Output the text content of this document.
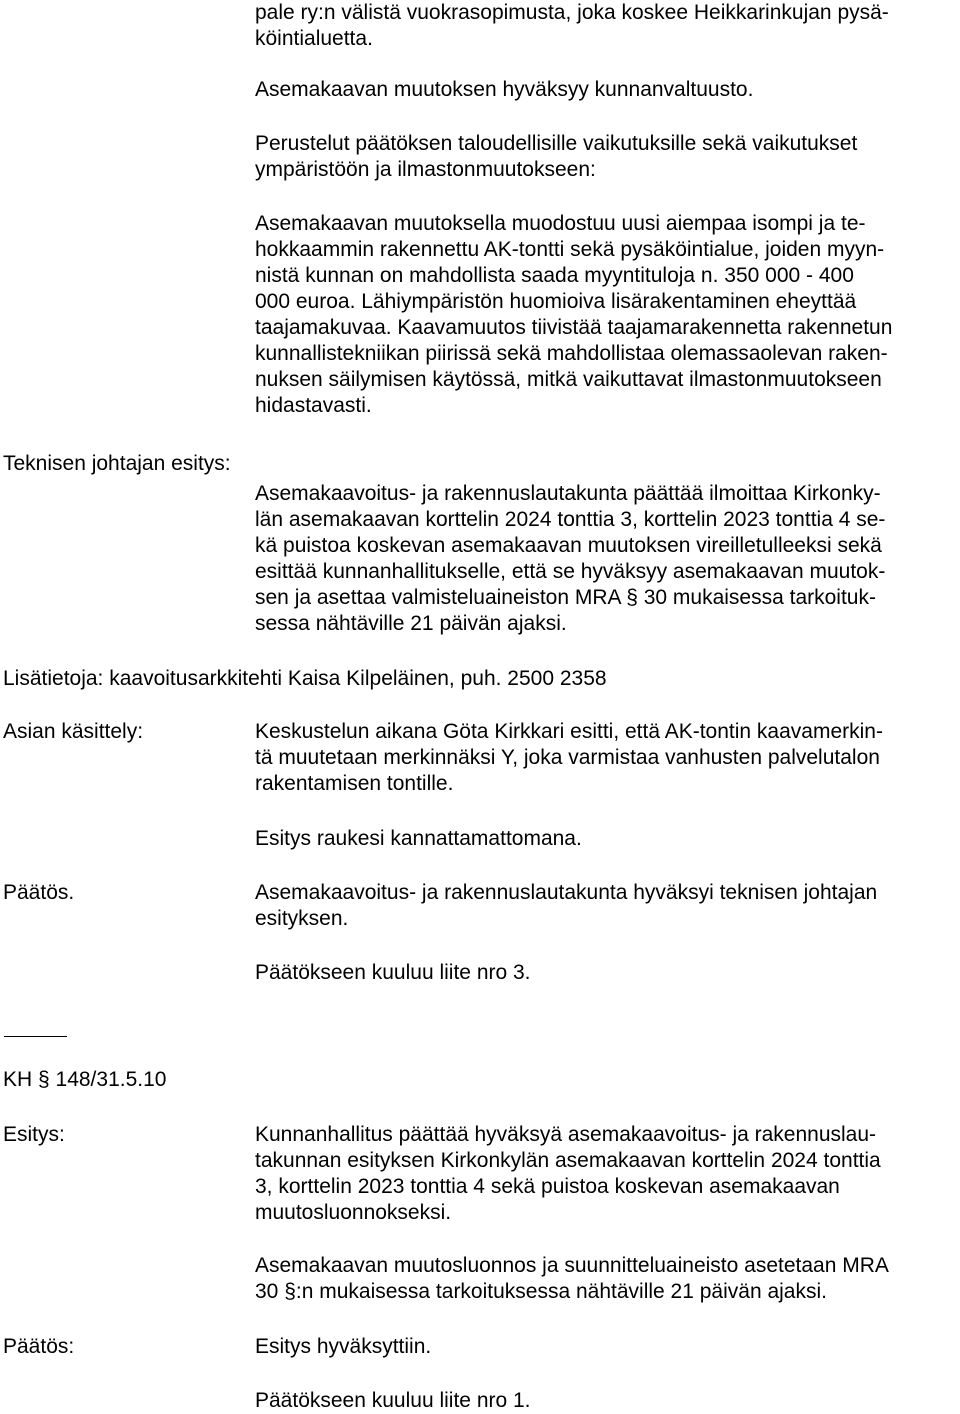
pale ry:n välistä vuokrasopimusta, joka koskee Heikkarinkujan pysä-
köintialuetta.
Asemakaavan muutoksen hyväksyy kunnanvaltuusto.
Perustelut päätöksen taloudellisille vaikutuksille sekä vaikutukset
ympäristöön ja ilmastonmuutokseen:
Asemakaavan muutoksella muodostuu uusi aiempaa isompi ja te-
hokkaammin rakennettu AK-tontti sekä pysäköintialue, joiden myyn-
nistä kunnan on mahdollista saada myyntituloja n. 350 000 - 400
000 euroa. Lähiympäristön huomioiva lisärakentaminen eheyttää
taajamakuvaa. Kaavamuutos tiivistää taajamarakennetta rakennetun
kunnallistekniikan piirissä sekä mahdollistaa olemassaolevan raken-
nuksen säilymisen käytössä, mitkä vaikuttavat ilmastonmuutokseen
hidastavasti.
Teknisen johtajan esitys:
Asemakaavoitus- ja rakennuslautakunta päättää ilmoittaa Kirkonky-
län asemakaavan korttelin 2024 tonttia 3, korttelin 2023 tonttia 4 se-
kä puistoa koskevan asemakaavan muutoksen vireilletulleeksi sekä
esittää kunnanhallitukselle, että se hyväksyy asemakaavan muutok-
sen ja asettaa valmisteluaineiston MRA § 30 mukaisessa tarkoituk-
sessa nähtäville 21 päivän ajaksi.
Lisätietoja: kaavoitusarkkitehti Kaisa Kilpeläinen, puh. 2500 2358
Asian käsittely:	Keskustelun aikana Göta Kirkkari esitti, että AK-tontin kaavamerkin-
tä muutetaan merkinnäksi Y, joka varmistaa vanhusten palvelutalon
rakentamisen tontille.
Esitys raukesi kannattamattomana.
Päätös.	Asemakaavoitus- ja rakennuslautakunta hyväksyi teknisen johtajan
esityksen.
Päätökseen kuuluu liite nro 3.
KH § 148/31.5.10
Esitys:	Kunnanhallitus päättää hyväksyä asemakaavoitus- ja rakennuslau-
takunnan esityksen Kirkonkylän asemakaavan korttelin 2024 tonttia
3, korttelin 2023 tonttia 4 sekä puistoa koskevan asemakaavan
muutosluonnokseksi.
Asemakaavan muutosluonnos ja suunnitteluaineisto asetetaan MRA
30 §:n mukaisessa tarkoituksessa nähtäville 21 päivän ajaksi.
Päätös:	Esitys hyväksyttiin.
Päätökseen kuuluu liite nro 1.
